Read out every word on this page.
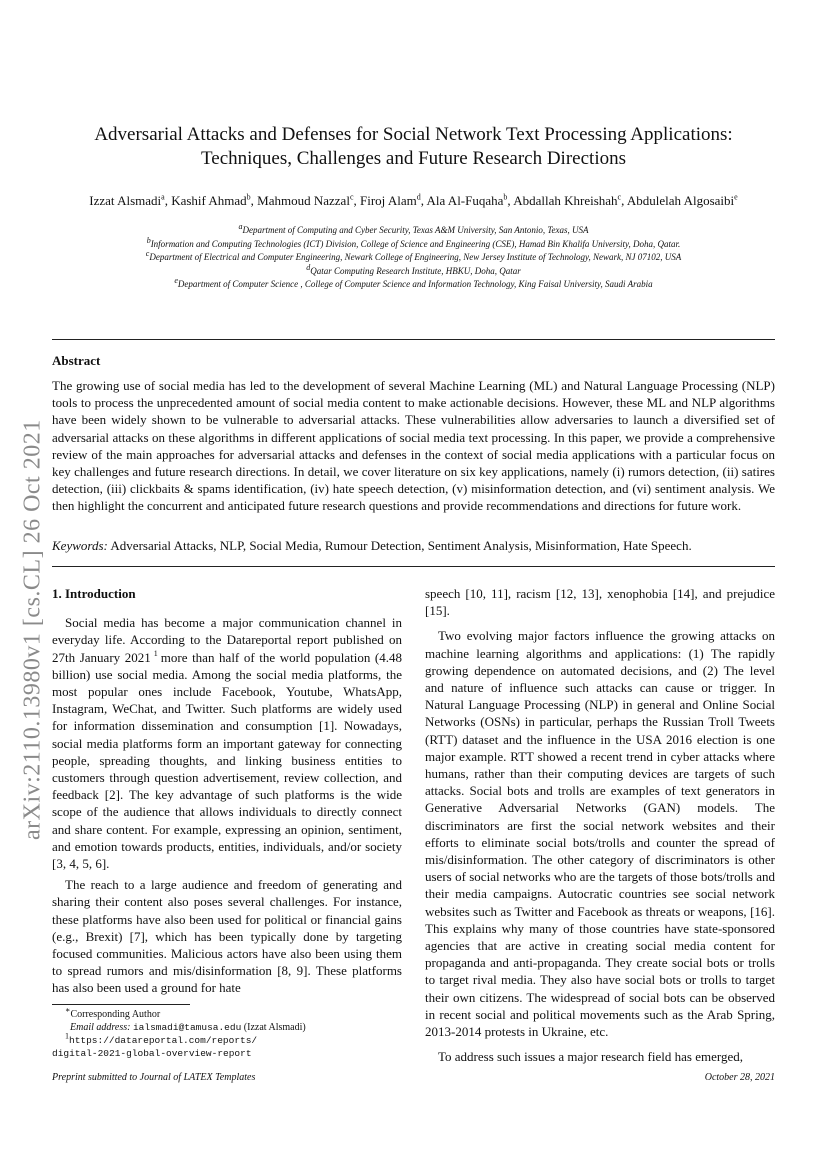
arXiv:2110.13980v1 [cs.CL] 26 Oct 2021
Adversarial Attacks and Defenses for Social Network Text Processing Applications:
Techniques, Challenges and Future Research Directions
Izzat Alsmadi$^a$, Kashif Ahmad$^b$, Mahmoud Nazzal$^c$, Firoj Alam$^d$, Ala Al-Fuqaha$^b$, Abdallah Khreishah$^c$, Abdulelah Algosaibi$^e$
$^a$Department of Computing and Cyber Security, Texas A&M University, San Antonio, Texas, USA
$^b$Information and Computing Technologies (ICT) Division, College of Science and Engineering (CSE), Hamad Bin Khalifa University, Doha, Qatar.
$^c$Department of Electrical and Computer Engineering, Newark College of Engineering, New Jersey Institute of Technology, Newark, NJ 07102, USA
$^d$Qatar Computing Research Institute, HBKU, Doha, Qatar
$^e$Department of Computer Science , College of Computer Science and Information Technology, King Faisal University, Saudi Arabia
Abstract
The growing use of social media has led to the development of several Machine Learning (ML) and Natural Language Processing (NLP) tools to process the unprecedented amount of social media content to make actionable decisions. However, these ML and NLP algorithms have been widely shown to be vulnerable to adversarial attacks. These vulnerabilities allow adversaries to launch a diversified set of adversarial attacks on these algorithms in different applications of social media text processing. In this paper, we provide a comprehensive review of the main approaches for adversarial attacks and defenses in the context of social media applications with a particular focus on key challenges and future research directions. In detail, we cover literature on six key applications, namely (i) rumors detection, (ii) satires detection, (iii) clickbaits & spams identification, (iv) hate speech detection, (v) misinformation detection, and (vi) sentiment analysis. We then highlight the concurrent and anticipated future research questions and provide recommendations and directions for future work.
Keywords: Adversarial Attacks, NLP, Social Media, Rumour Detection, Sentiment Analysis, Misinformation, Hate Speech.
1. Introduction

Social media has become a major communication channel in everyday life. According to the Datareportal report published on 27th January 2021 $^1$ more than half of the world population (4.48 billion) use social media. Among the social media platforms, the most popular ones include Facebook, Youtube, WhatsApp, Instagram, WeChat, and Twitter. Such platforms are widely used for information dissemination and consumption [1]. Nowadays, social media platforms form an important gateway for connecting people, spreading thoughts, and linking business entities to customers through question advertisement, review collection, and feedback [2]. The key advantage of such platforms is the wide scope of the audience that allows individuals to directly connect and share content. For example, expressing an opinion, sentiment, and emotion towards products, entities, individuals, and/or society [3, 4, 5, 6].

The reach to a large audience and freedom of generating and sharing their content also poses several challenges. For instance, these platforms have also been used for political or financial gains (e.g., Brexit) [7], which has been typically done by targeting focused communities. Malicious actors have also been using them to spread rumors and mis/disinformation [8, 9]. These platforms has also been used a ground for hate

speech [10, 11], racism [12, 13], xenophobia [14], and prejudice [15].

Two evolving major factors influence the growing attacks on machine learning algorithms and applications: (1) The rapidly growing dependence on automated decisions, and (2) The level and nature of influence such attacks can cause or trigger. In Natural Language Processing (NLP) in general and Online Social Networks (OSNs) in particular, perhaps the Russian Troll Tweets (RTT) dataset and the influence in the USA 2016 election is one major example. RTT showed a recent trend in cyber attacks where humans, rather than their computing devices are targets of such attacks. Social bots and trolls are examples of text generators in Generative Adversarial Networks (GAN) models. The discriminators are first the social network websites and their efforts to eliminate social bots/trolls and counter the spread of mis/disinformation. The other category of discriminators is other users of social networks who are the targets of those bots/trolls and their media campaigns. Autocratic countries see social network websites such as Twitter and Facebook as threats or weapons, [16]. This explains why many of those countries have state-sponsored agencies that are active in creating social media content for propaganda and anti-propaganda. They create social bots or trolls to target rival media. They also have social bots or trolls to target their own citizens. The widespread of social bots can be observed in recent social and political movements such as the Arab Spring, 2013-2014 protests in Ukraine, etc.

To address such issues a major research field has emerged,

∗Corresponding Author
Email address: ialsmadi@tamusa.edu (Izzat Alsmadi)
$^1$https://datareportal.com/reports/
digital-2021-global-overview-report
Preprint submitted to Journal of LATEX Templates	October 28, 2021
